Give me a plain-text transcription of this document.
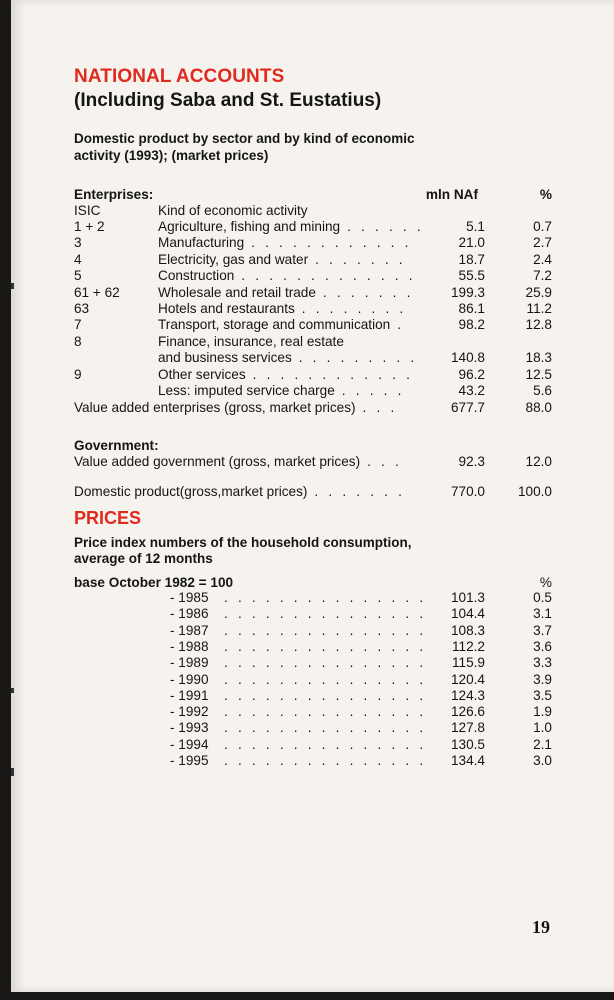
NATIONAL ACCOUNTS
(Including Saba and St. Eustatius)
Domestic product by sector and by kind of economic
activity (1993); (market prices)
Enterprises:	mln NAf	%
ISIC	Kind of economic activity
1 + 2	Agriculture, fishing and mining . . . . . .	5.1	0.7
3	Manufacturing . . . . . . . . . . . .	21.0	2.7
4	Electricity, gas and water . . . . . . .	18.7	2.4
5	Construction . . . . . . . . . . . . .	55.5	7.2
61 + 62	Wholesale and retail trade . . . . . . .	199.3	25.9
63	Hotels and restaurants . . . . . . . .	86.1	11.2
7	Transport, storage and communication .	98.2	12.8
8	Finance, insurance, real estate
and business services . . . . . . . . . 140.8	18.3
9	Other services . . . . . . . . . . . .	96.2	12.5
Less: imputed service charge . . . . .	43.2	5.6
Value added enterprises (gross, market prices) . . .	677.7	88.0
Government:
Value added government (gross, market prices) . . .	92.3	12.0
Domestic product(gross,market prices) . . . . . . .	770.0 100.0
PRICES
Price index numbers of the household consumption,
average of 12 months
base October 1982 = 100	%
- 1985 . . . . . . . . . . . . . . . 101.3	0.5
- 1986 . . . . . . . . . . . . . . . 104.4	3.1
- 1987 . . . . . . . . . . . . . . . 108.3	3.7
- 1988 . . . . . . . . . . . . . . . 112.2	3.6
- 1989 . . . . . . . . . . . . . . . 115.9	3.3
- 1990 . . . . . . . . . . . . . . . 120.4	3.9
- 1991 . . . . . . . . . . . . . . . 124.3	3.5
- 1992 . . . . . . . . . . . . . . . 126.6	1.9
- 1993 . . . . . . . . . . . . . . . 127.8	1.0
- 1994 . . . . . . . . . . . . . . . 130.5	2.1
- 1995 . . . . . . . . . . . . . . . 134.4	3.0
19
